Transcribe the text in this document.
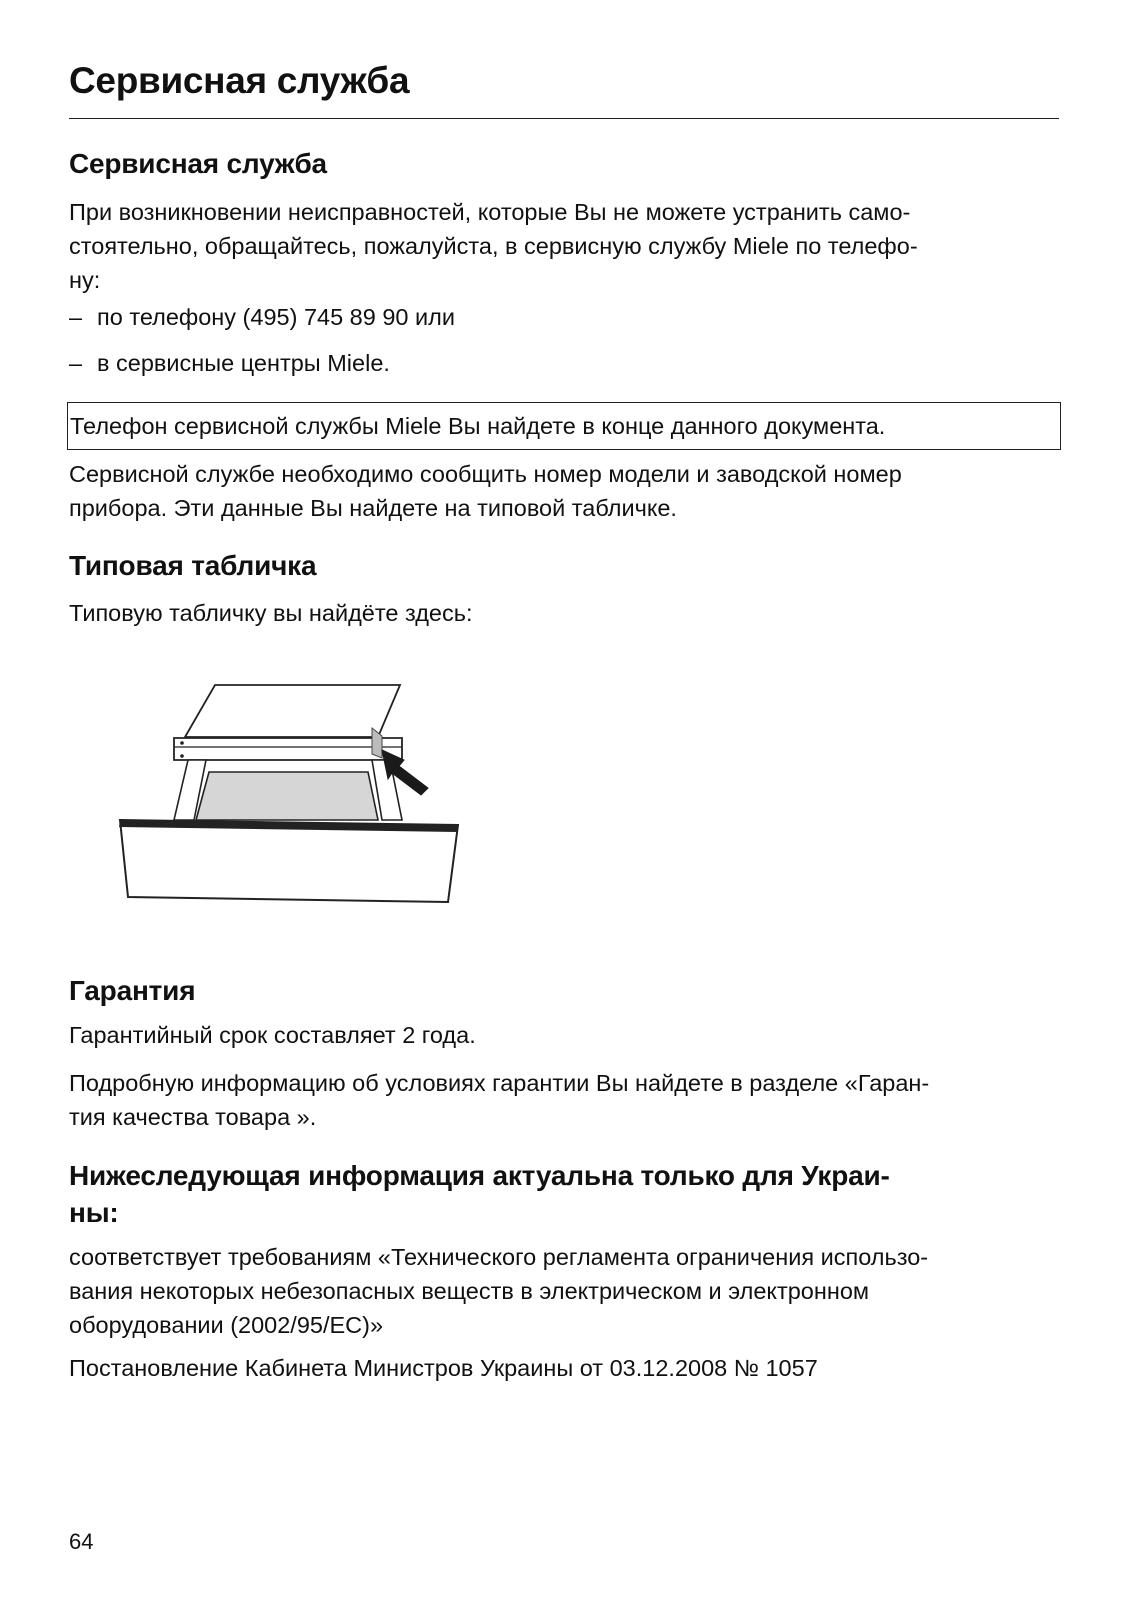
Сервисная служба
Сервисная служба
При возникновении неисправностей, которые Вы не можете устранить само-
стоятельно, обращайтесь, пожалуйста, в сервисную службу Miele по телефо-
ну:
– по телефону (495) 745 89 90 или
– в сервисные центры Miele.
Телефон сервисной службы Miele Вы найдете в конце данного документа.
Сервисной службе необходимо сообщить номер модели и заводской номер
прибора. Эти данные Вы найдете на типовой табличке.
Типовая табличка
Типовую табличку вы найдёте здесь:
Гарантия
Гарантийный срок составляет 2 года.
Подробную информацию об условиях гарантии Вы найдете в разделе «Гаран-
тия качества товара ».
Нижеследующая информация актуальна только для Украи-
ны:
соответствует требованиям «Технического регламента ограничения использо-
вания некоторых небезопасных веществ в электрическом и электронном
оборудовании (2002/95/EC)»
Постановление Кабинета Министров Украины от 03.12.2008 № 1057
64
